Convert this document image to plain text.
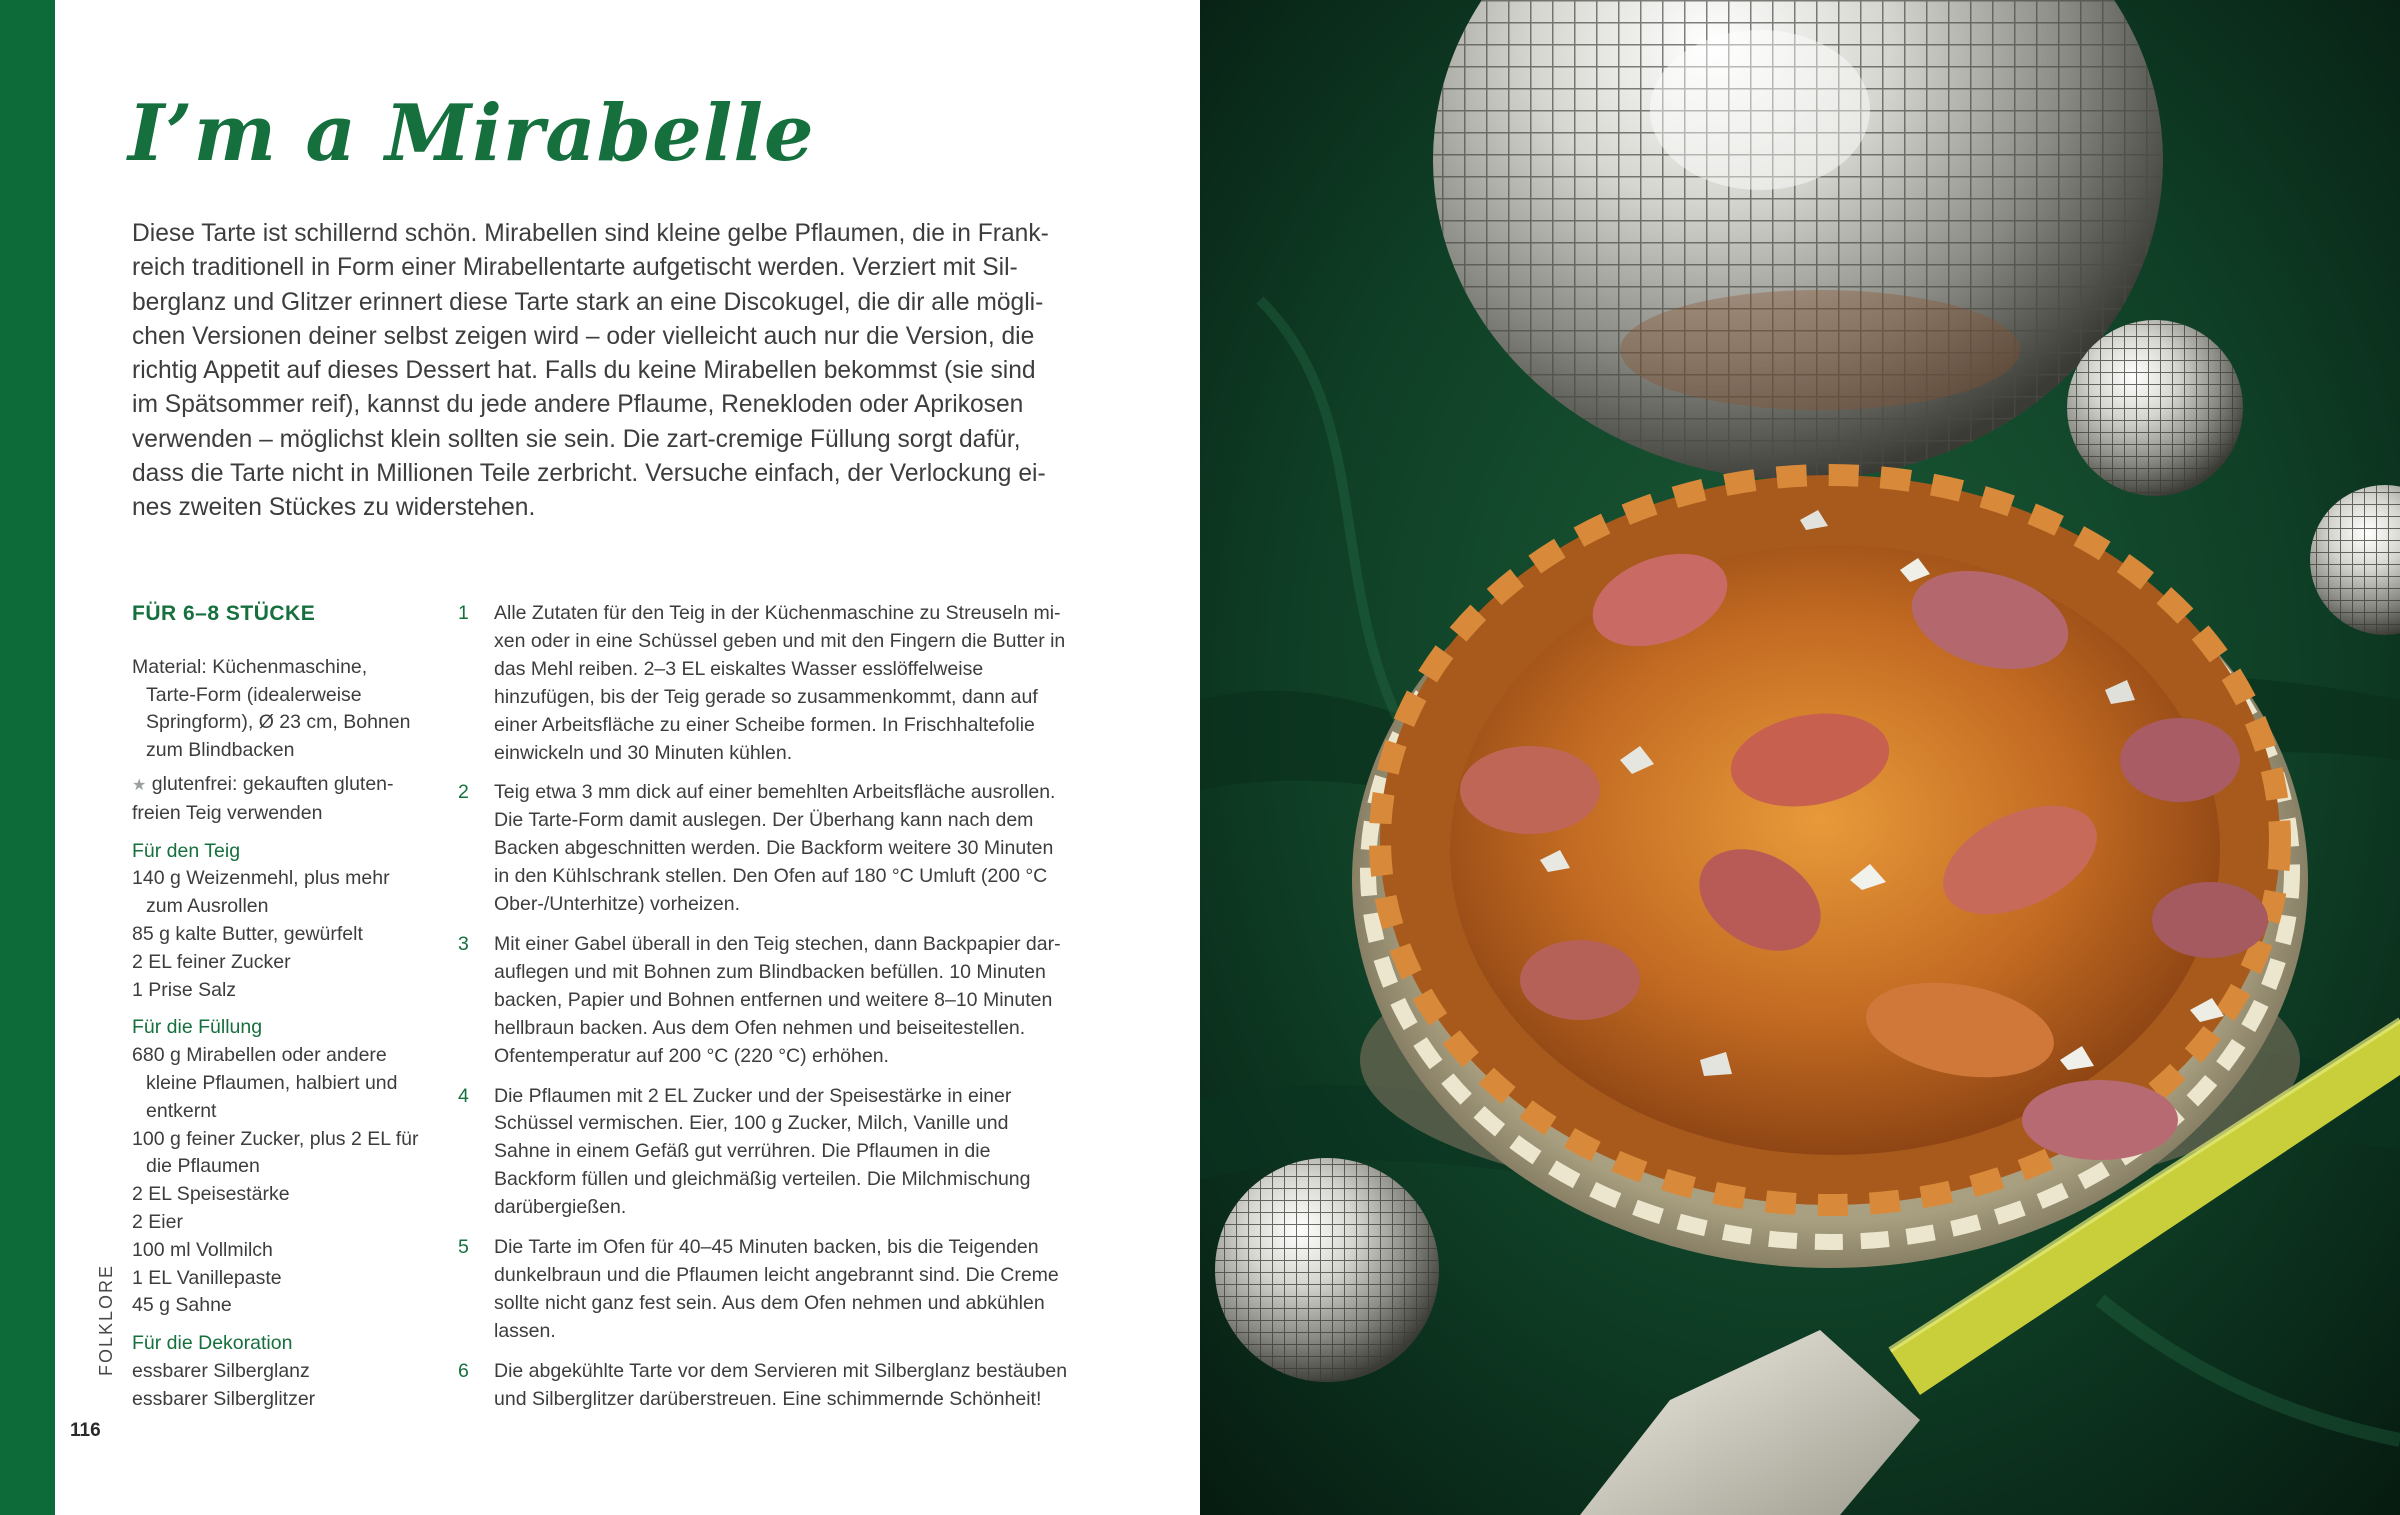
I’m a Mirabelle

Diese Tarte ist schillernd schön. Mirabellen sind kleine gelbe Pflaumen, die in Frankreich traditionell in Form einer Mirabellentarte aufgetischt werden. Verziert mit Silberglanz und Glitzer erinnert diese Tarte stark an eine Discokugel, die dir alle möglichen Versionen deiner selbst zeigen wird – oder vielleicht auch nur die Version, die richtig Appetit auf dieses Dessert hat. Falls du keine Mirabellen bekommst (sie sind im Spätsommer reif), kannst du jede andere Pflaume, Renekloden oder Aprikosen verwenden – möglichst klein sollten sie sein. Die zart-cremige Füllung sorgt dafür, dass die Tarte nicht in Millionen Teile zerbricht. Versuche einfach, der Verlockung eines zweiten Stückes zu widerstehen.

FÜR 6–8 STÜCKE
Material: Küchenmaschine,
Tarte-Form (idealerweise Springform), Ø 23 cm, Bohnen zum Blindbacken
★ glutenfrei: gekauften glutenfreien Teig verwenden
Für den Teig
140 g Weizenmehl, plus mehr zum Ausrollen
85 g kalte Butter, gewürfelt
2 EL feiner Zucker
1 Prise Salz
Für die Füllung
680 g Mirabellen oder andere kleine Pflaumen, halbiert und entkernt
100 g feiner Zucker, plus 2 EL für die Pflaumen
2 EL Speisestärke
2 Eier
100 ml Vollmilch
1 EL Vanillepaste
45 g Sahne
Für die Dekoration
essbarer Silberglanz
essbarer Silberglitzer
1 Alle Zutaten für den Teig in der Küchenmaschine zu Streuseln mixen oder in eine Schüssel geben und mit den Fingern die Butter in das Mehl reiben. 2–3 EL eiskaltes Wasser esslöffelweise hinzufügen, bis der Teig gerade so zusammenkommt, dann auf einer Arbeitsfläche zu einer Scheibe formen. In Frischhaltefolie einwickeln und 30 Minuten kühlen.
2 Teig etwa 3 mm dick auf einer bemehlten Arbeitsfläche ausrollen. Die Tarte-Form damit auslegen. Der Überhang kann nach dem Backen abgeschnitten werden. Die Backform weitere 30 Minuten in den Kühlschrank stellen. Den Ofen auf 180 °C Umluft (200 °C Ober-/Unterhitze) vorheizen.
3 Mit einer Gabel überall in den Teig stechen, dann Backpapier darauflegen und mit Bohnen zum Blindbacken befüllen. 10 Minuten backen, Papier und Bohnen entfernen und weitere 8–10 Minuten hellbraun backen. Aus dem Ofen nehmen und beiseitestellen. Ofentemperatur auf 200 °C (220 °C) erhöhen.
4 Die Pflaumen mit 2 EL Zucker und der Speisestärke in einer Schüssel vermischen. Eier, 100 g Zucker, Milch, Vanille und Sahne in einem Gefäß gut verrühren. Die Pflaumen in die Backform füllen und gleichmäßig verteilen. Die Milchmischung darübergießen.
5 Die Tarte im Ofen für 40–45 Minuten backen, bis die Teigenden dunkelbraun und die Pflaumen leicht angebrannt sind. Die Creme sollte nicht ganz fest sein. Aus dem Ofen nehmen und abkühlen lassen.
6 Die abgekühlte Tarte vor dem Servieren mit Silberglanz bestäuben und Silberglitzer darüberstreuen. Eine schimmernde Schönheit!
FOLKLORE
116
